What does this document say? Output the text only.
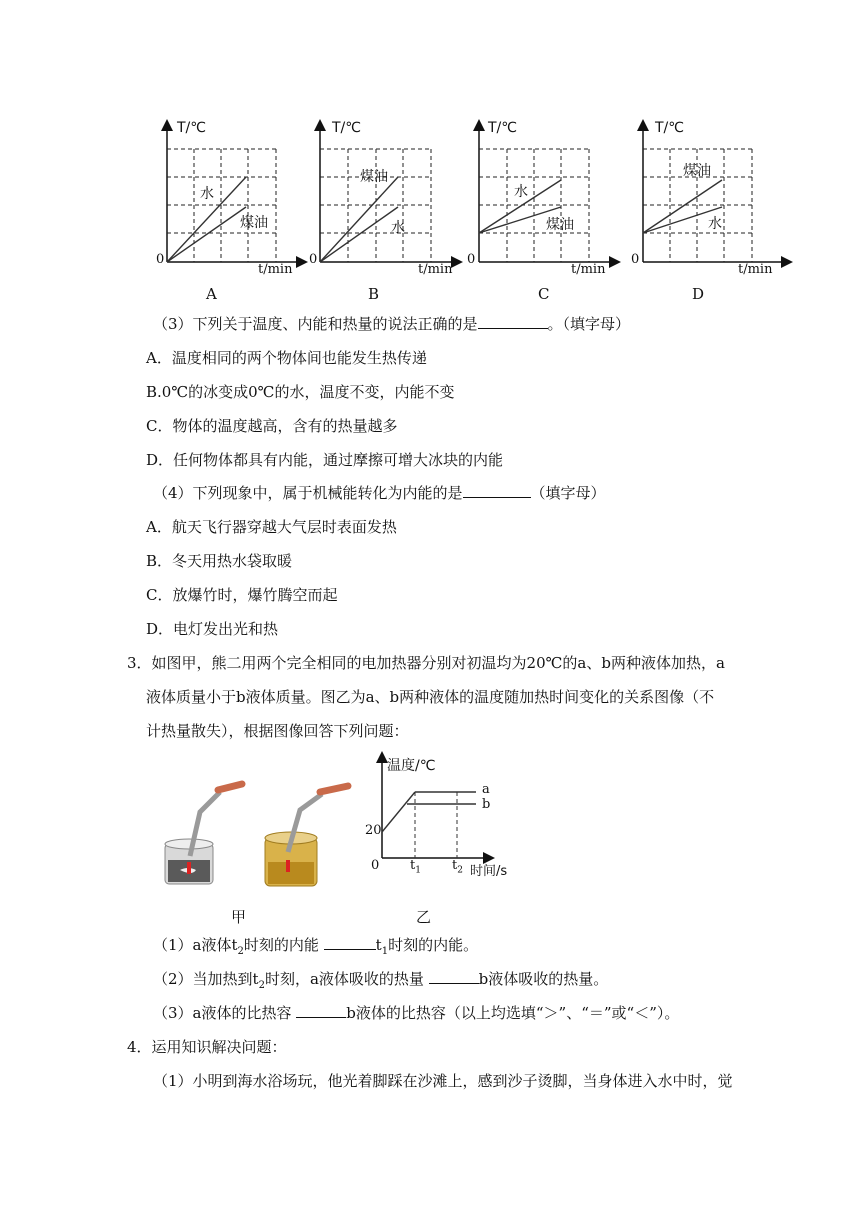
T/℃
t/min
0
水
煤油
A
T/℃
t/min
0
煤油
水
B
T/℃
t/min
0
水
煤油
C
T/℃
t/min
0
煤油
水
D
（3）下列关于温度、内能和热量的说法正确的是	。（填字母）
A．温度相同的两个物体间也能发生热传递
B.0℃的冰变成0℃的水，温度不变，内能不变
C．物体的温度越高，含有的热量越多
D．任何物体都具有内能，通过摩擦可增大冰块的内能
（4）下列现象中，属于机械能转化为内能的是	（填字母）
A．航天飞行器穿越大气层时表面发热
B．冬天用热水袋取暖
C．放爆竹时，爆竹腾空而起
D．电灯发出光和热
3．如图甲，熊二用两个完全相同的电加热器分别对初温均为20℃的a、b两种液体加热，a
液体质量小于b液体质量。图乙为a、b两种液体的温度随加热时间变化的关系图像（不
计热量散失），根据图像回答下列问题：
温度/℃
时间/s
0
20
$t_1$ $t_2$
a
b
甲	乙
（1）a液体$t_2$时刻的内能	$t_1$时刻的内能。
（2）当加热到$t_2$时刻，a液体吸收的热量	b液体吸收的热量。
（3）a液体的比热容	b液体的比热容（以上均选填“＞”、“＝”或“＜”）。
4．运用知识解决问题：
（1）小明到海水浴场玩，他光着脚踩在沙滩上，感到沙子烫脚，当身体进入水中时，觉
